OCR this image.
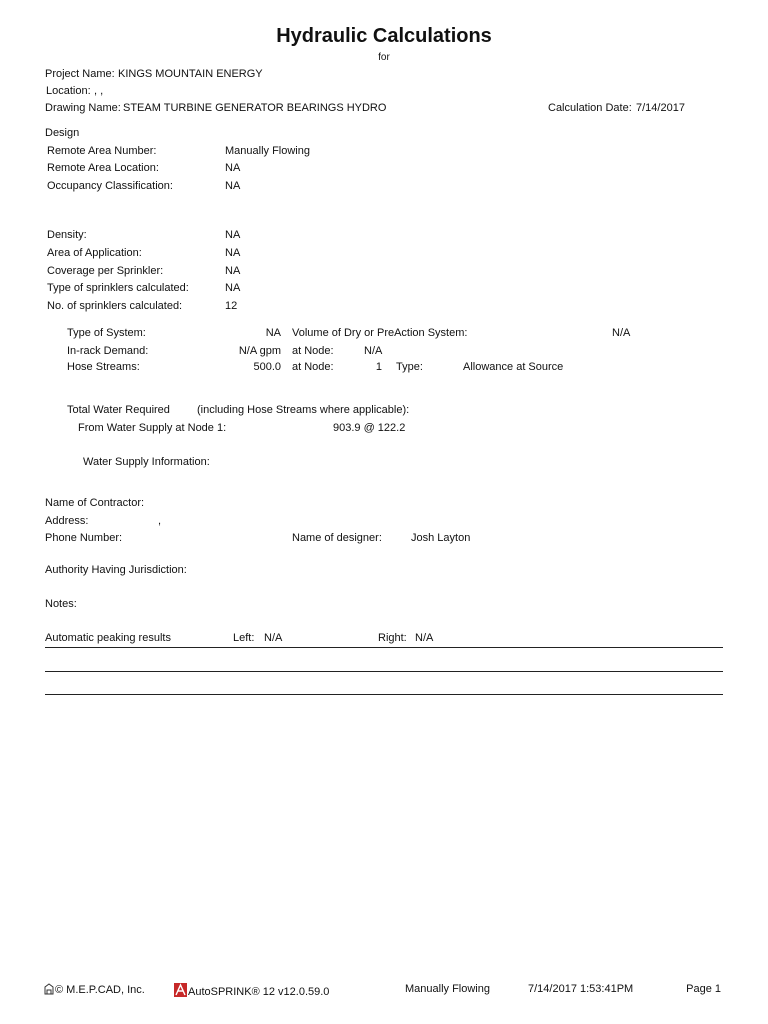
Hydraulic Calculations
for
Project Name: KINGS MOUNTAIN ENERGY
Location: , ,
Drawing Name: STEAM TURBINE GENERATOR BEARINGS HYDRO	Calculation Date: 7/14/2017
Design
Remote Area Number:	Manually Flowing
Remote Area Location:	NA
Occupancy Classification:	NA
Density:	NA
Area of Application:	NA
Coverage per Sprinkler:	NA
Type of sprinklers calculated:	NA
No. of sprinklers calculated:	12
Type of System:	NA Volume of Dry or PreAction System:	N/A
In-rack Demand:	N/A gpm at Node:	N/A
Hose Streams:	500.0 at Node:	1 Type:	Allowance at Source
Total Water Required (including Hose Streams where applicable):
From Water Supply at Node 1:	903.9 @ 122.2
Water Supply Information:
Name of Contractor:
Address:	,
Phone Number:	Name of designer:	Josh Layton
Authority Having Jurisdiction:
Notes:
Automatic peaking results	Left: N/A	Right: N/A
© M.E.P.CAD, Inc.	AutoSPRINK® 12 v12.0.59.0	Manually Flowing	7/14/2017 1:53:41PM	Page 1
